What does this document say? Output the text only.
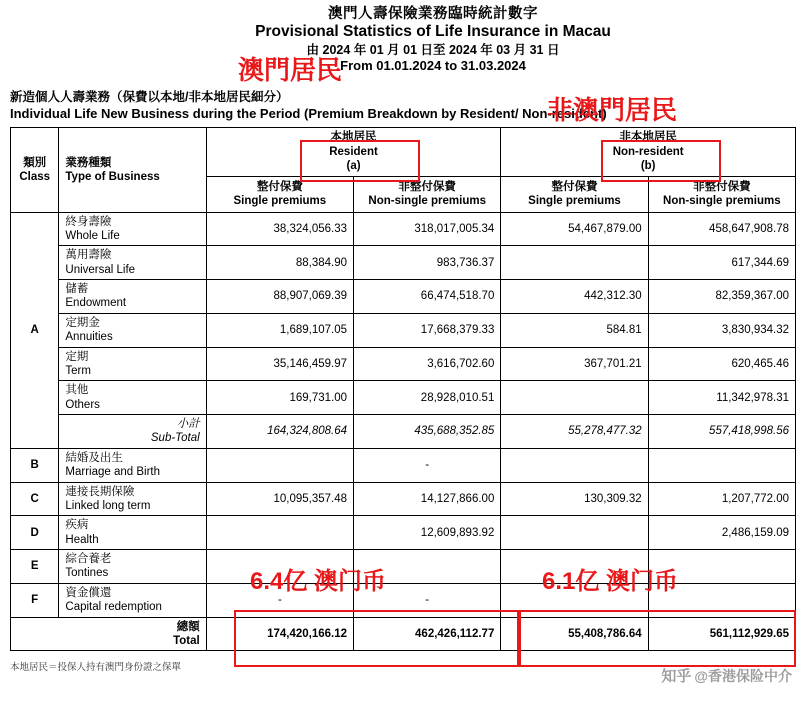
澳門人壽保險業務臨時統計數字
Provisional Statistics of Life Insurance in Macau
由 2024 年 01 月 01 日至 2024 年 03 月 31 日
From 01.01.2024 to 31.03.2024
新造個人人壽業務（保費以本地/非本地居民細分）
Individual Life New Business during the Period (Premium Breakdown by Resident/ Non-resident)
類別
Class	業務種類
Type of Business	本地居民
Resident
(a)		非本地居民
Non-resident
(b)	
		整付保費
Single premiums	非整付保費
Non-single premiums	整付保費
Single premiums	非整付保費
Non-single premiums
A	終身壽險
Whole Life	38,324,056.33	318,017,005.34	54,467,879.00	458,647,908.78

	萬用壽險
Universal Life	88,384.90	983,736.37		617,344.69

	儲蓄
Endowment	88,907,069.39	66,474,518.70	442,312.30	82,359,367.00

	定期金
Annuities	1,689,107.05	17,668,379.33	584.81	3,830,934.32

	定期
Term	35,146,459.97	3,616,702.60	367,701.21	620,465.46

	其他
Others	169,731.00	28,928,010.51		11,342,978.31

	小計
Sub-Total	164,324,808.64	435,688,352.85	55,278,477.32	557,418,998.56
B	結婚及出生
Marriage and Birth		-		
C	連接長期保險
Linked long term	10,095,357.48	14,127,866.00	130,309.32	1,207,772.00
D	疾病
Health		12,609,893.92		2,486,159.09
E	綜合養老
Tontines				

F	資金償還
Capital redemption	-	-		
總額
Total		174,420,166.12	462,426,112.77	55,408,786.64	561,112,929.65
本地居民＝投保人持有澳門身份證之保單
澳門居民
非澳門居民
6.4亿 澳门币	6.1亿 澳门币
知乎 @香港保险中介
